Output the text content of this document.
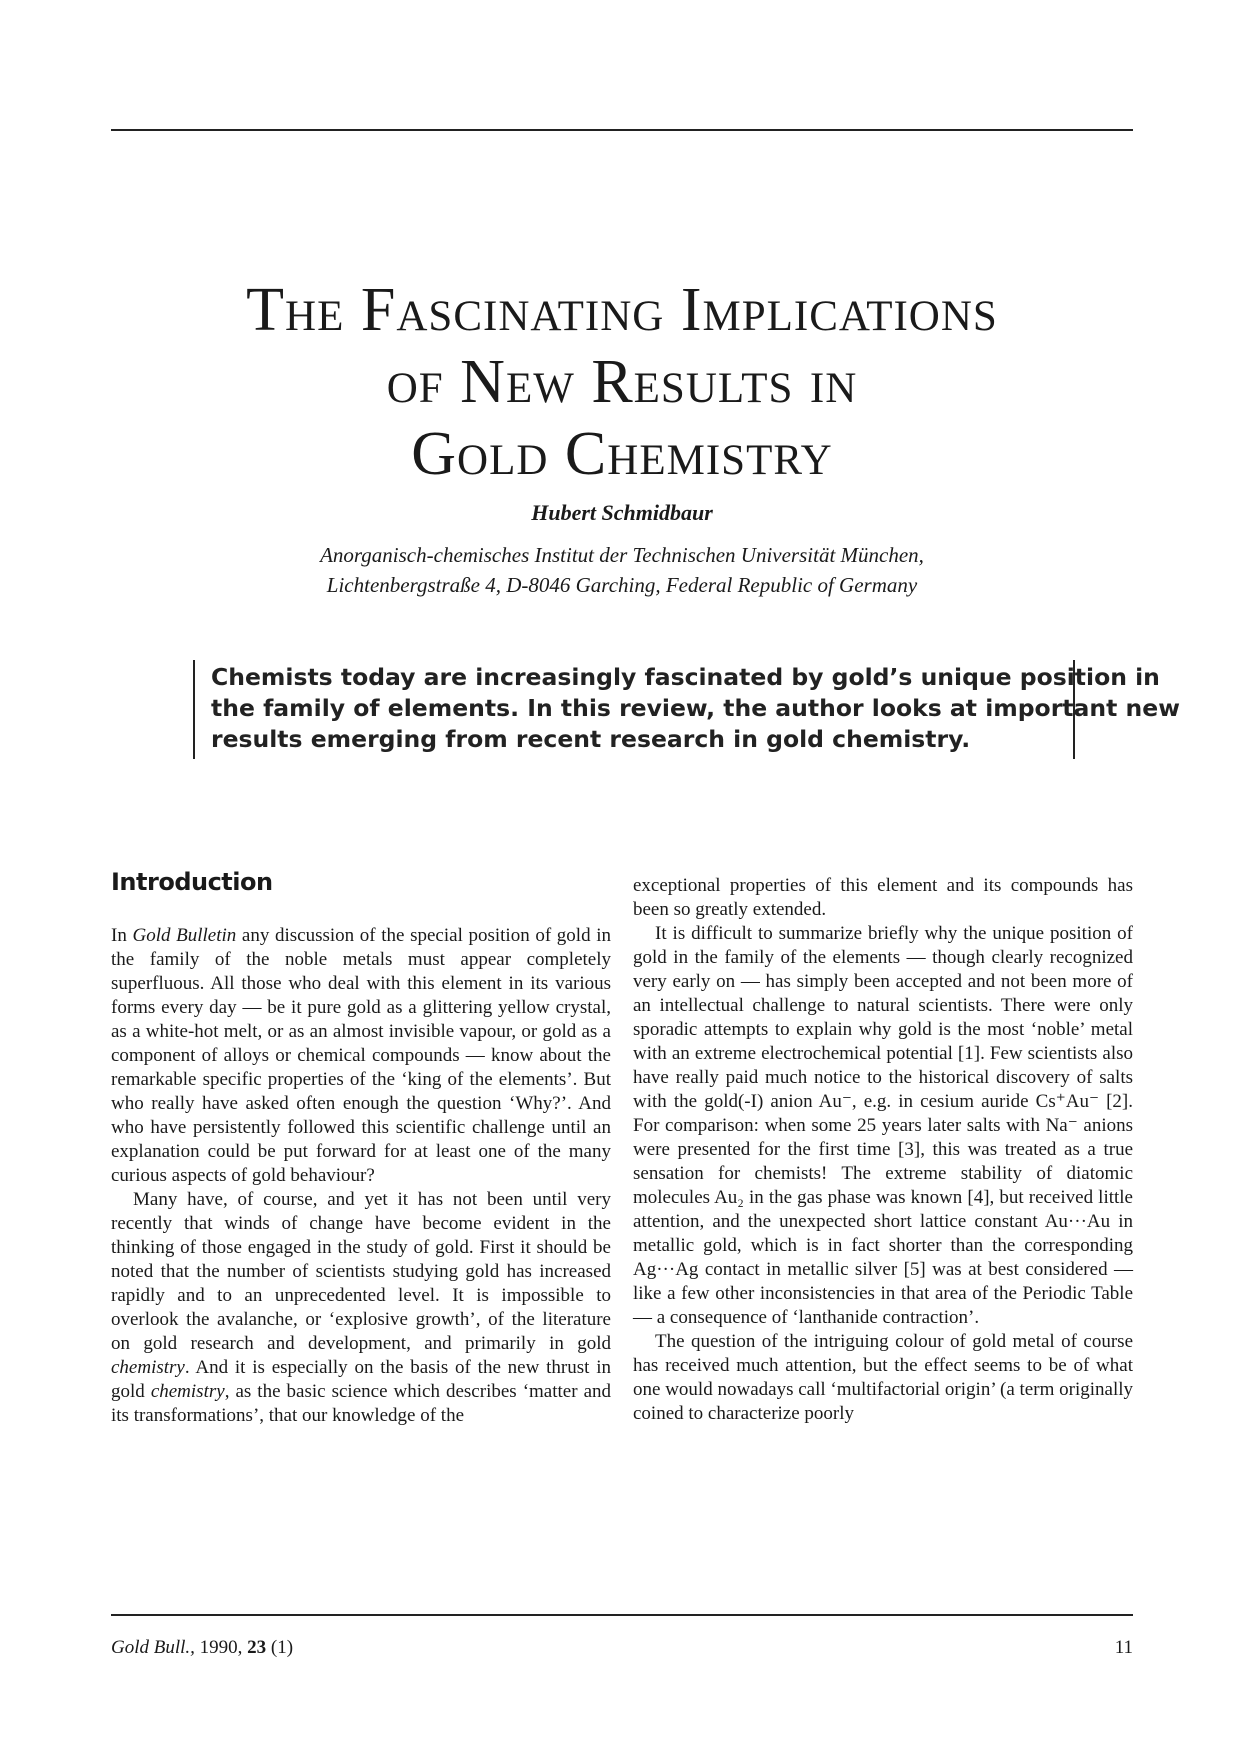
The Fascinating Implications
of New Results in
Gold Chemistry
Hubert Schmidbaur
Anorganisch-chemisches Institut der Technischen Universität München,
Lichtenbergstraße 4, D-8046 Garching, Federal Republic of Germany
Chemists today are increasingly fascinated by gold’s unique position in
the family of elements. In this review, the author looks at important new
results emerging from recent research in gold chemistry.
Introduction

In Gold Bulletin any discussion of the special position of gold in the family of the noble metals must appear completely superfluous. All those who deal with this element in its various forms every day — be it pure gold as a glittering yellow crystal, as a white-hot melt, or as an almost invisible vapour, or gold as a component of alloys or chemical compounds — know about the remarkable specific properties of the ‘king of the elements’. But who really have asked often enough the question ‘Why?’. And who have persistently followed this scientific challenge until an explanation could be put forward for at least one of the many curious aspects of gold behaviour?

Many have, of course, and yet it has not been until very recently that winds of change have become evident in the thinking of those engaged in the study of gold. First it should be noted that the number of scientists studying gold has increased rapidly and to an unprecedented level. It is impossible to overlook the avalanche, or ‘explosive growth’, of the literature on gold research and development, and primarily in gold chemistry. And it is especially on the basis of the new thrust in gold chemistry, as the basic science which describes ‘matter and its transformations’, that our knowledge of the

exceptional properties of this element and its compounds has been so greatly extended.

It is difficult to summarize briefly why the unique position of gold in the family of the elements — though clearly recognized very early on — has simply been accepted and not been more of an intellectual challenge to natural scientists. There were only sporadic attempts to explain why gold is the most ‘noble’ metal with an extreme electrochemical potential [1]. Few scientists also have really paid much notice to the historical discovery of salts with the gold(-I) anion Au⁻, e.g. in cesium auride Cs⁺Au⁻ [2]. For comparison: when some 25 years later salts with Na⁻ anions were presented for the first time [3], this was treated as a true sensation for chemists! The extreme stability of diatomic molecules Au₂ in the gas phase was known [4], but received little attention, and the unexpected short lattice constant Au···Au in metallic gold, which is in fact shorter than the corresponding Ag···Ag contact in metallic silver [5] was at best considered — like a few other inconsistencies in that area of the Periodic Table — a consequence of ‘lanthanide contraction’.

The question of the intriguing colour of gold metal of course has received much attention, but the effect seems to be of what one would nowadays call ‘multifactorial origin’ (a term originally coined to characterize poorly

Gold Bull., 1990, 23 (1)	11
